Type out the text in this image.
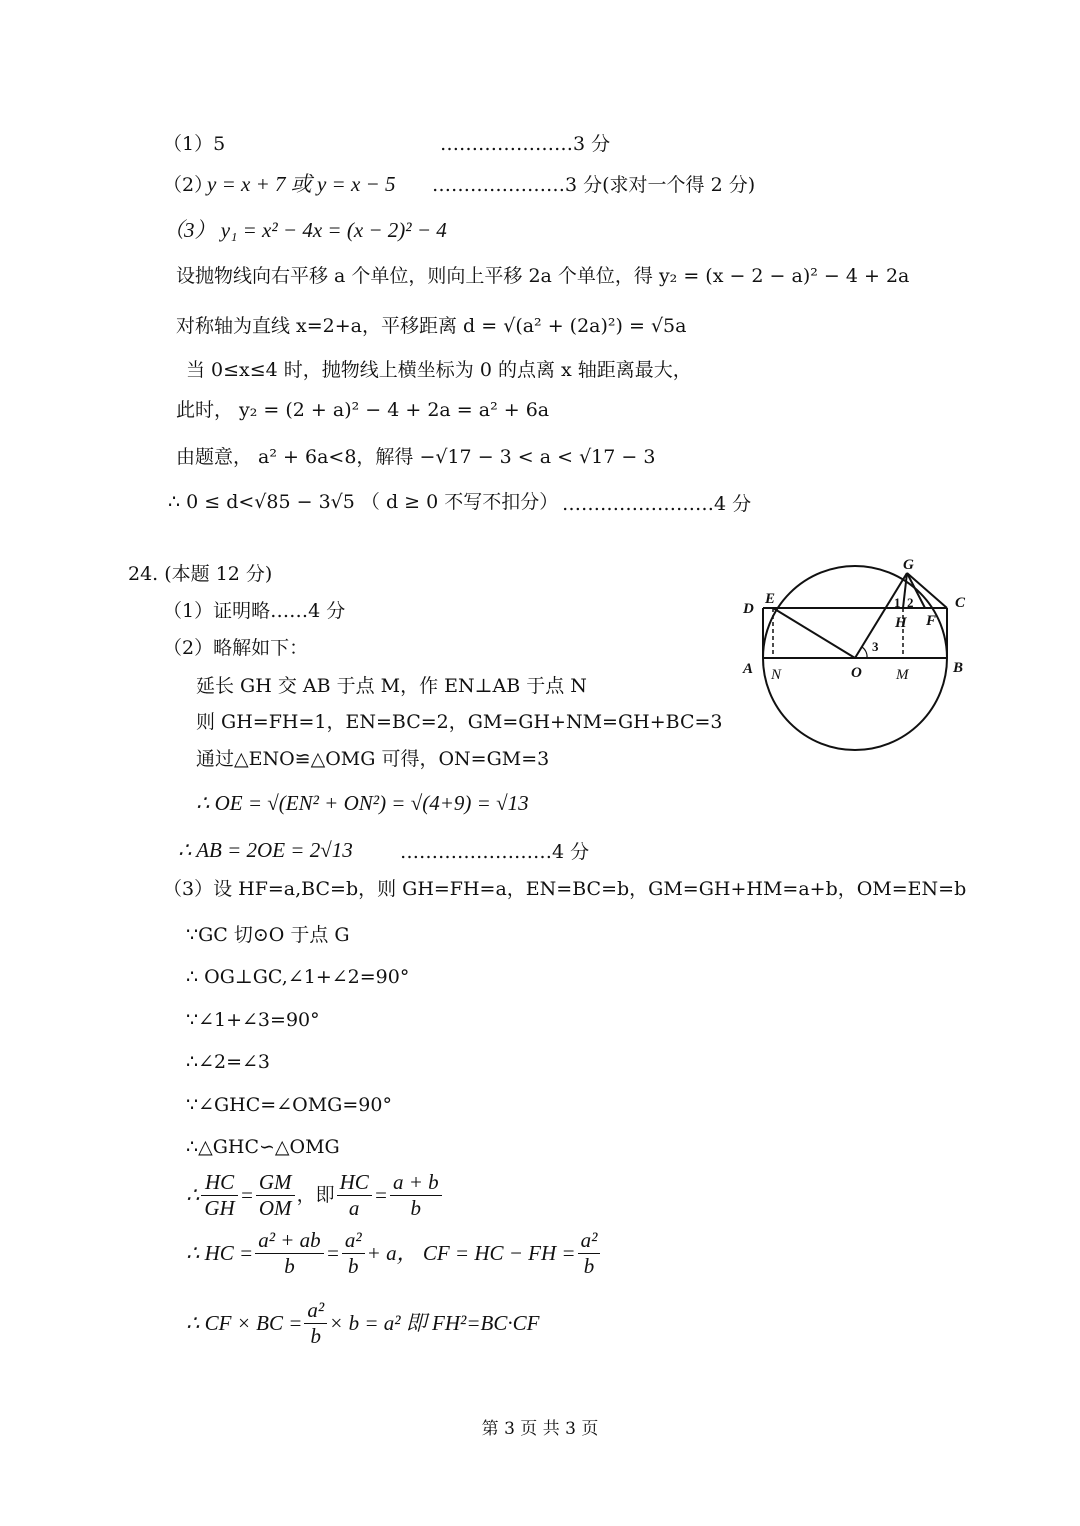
（1）5	…………………3 分
（2）
y = x + 7 或 y = x − 5 …………………3 分(求对一个得 2 分)
（3） y₁ = x² − 4x = (x − 2)² − 4
设抛物线向右平移 a 个单位，则向上平移 2a 个单位，得 y₂ = (x − 2 − a)² − 4 + 2a
对称轴为直线 x=2+a，平移距离 d = √(a² + (2a)²) = √5a
当 0≤x≤4 时，抛物线上横坐标为 0 的点离 x 轴距离最大，
此时， y₂ = (2 + a)² − 4 + 2a = a² + 6a
由题意， a² + 6a<8，解得 −√17 − 3 < a < √17 − 3
∴ 0 ≤ d<√85 − 3√5 （ d ≥ 0 不写不扣分） ……………………4 分
24. (本题 12 分)
（1）证明略……4 分
（2）略解如下：
延长 GH 交 AB 于点 M，作 EN⊥AB 于点 N
则 GH=FH=1，EN=BC=2，GM=GH+NM=GH+BC=3
通过△ENO≌△OMG 可得，ON=GM=3
∴ OE = √(EN² + ON²) = √(4+9) = √13
∴ AB = 2OE = 2√13 ……………………4 分
（3）设 HF=a,BC=b，则 GH=FH=a，EN=BC=b，GM=GH+HM=a+b，OM=EN=b
∵GC 切⊙O 于点 G
∴ OG⊥GC,∠1+∠2=90°
∵∠1+∠3=90°
∴∠2=∠3
∵∠GHC=∠OMG=90°
∴△GHC∽△OMG
∴ $\frac{HC}{GH} = \frac{GM}{OM}$ ，即 $\frac{HC}{a} = \frac{a + b}{b}$
∴ HC = $\frac{\text{a² + ab}}{b} = \frac{\text{a²}}{b} + a$， CF = HC − FH = $\frac{\text{a²}}{b}$
∴ CF × BC = $\frac{\text{a²}}{b} \times b = a^2$ 即 FH²=BC·CF
G
E
D	C
H F
A	O	B
N	M
1 2
3
第 3 页 共 3 页
